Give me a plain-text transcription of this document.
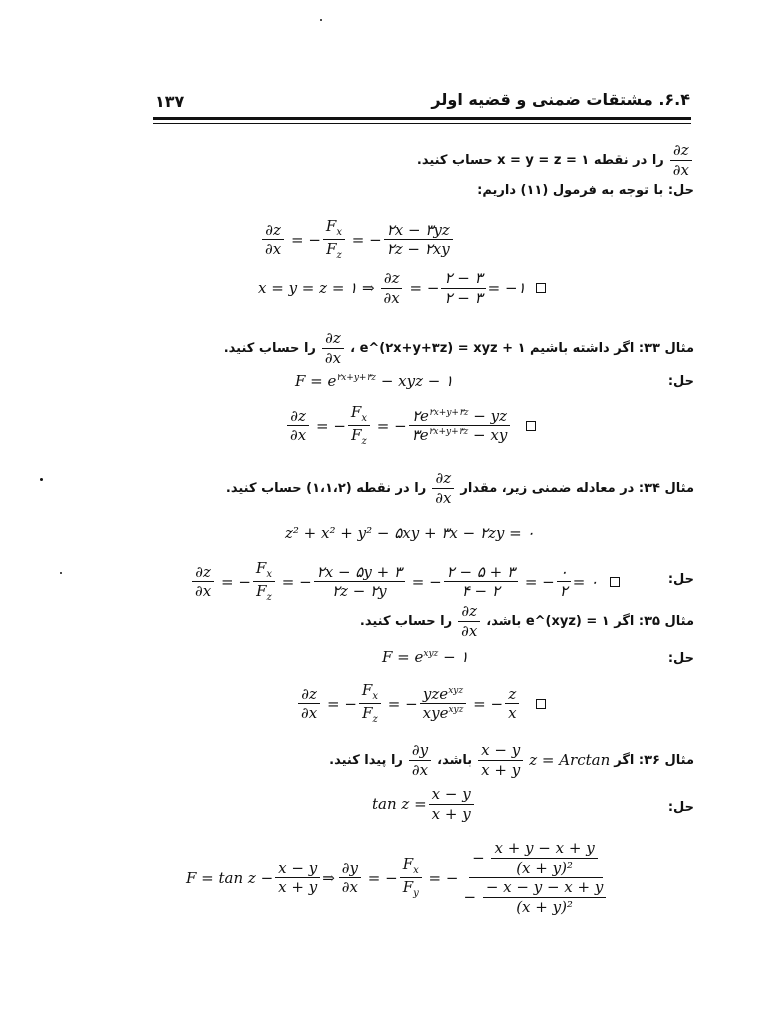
۱۳۷	۶.۴. مشتقات ضمنی و قضیه اولر
$\frac{\partial z}{\partial x}$
را در نقطه ۱ = x = y = z حساب کنید.
حل: با توجه به فرمول (۱۱) داریم:
$\frac{\partial z}{\partial x}$ = − $\frac{F_x}{F_z}$ = − $\frac{۲x - ۳yz}{۲z - ۲xy}$
x = y = z = ۱ ⇒ $\frac{\partial z}{\partial x}$ = − $\frac{۲ - ۳}{۲ - ۳}$ = −۱
مثال ۳۳: اگر داشته باشیم ۱ + e^(۲x+y+۳z) = xyz ،
$\frac{\partial z}{\partial x}$
را حساب کنید.
حل:
$F = e^{۲x+y+۳z}$ − xyz − ۱
$\frac{\partial z}{\partial x}$ = − $\frac{F_x}{F_z}$ = − $\frac{۲e^{۲x+y+۳z} - yz}{۳e^{۲x+y+۳z} - xy}$
مثال ۳۴: در معادله ضمنی زیر، مقدار
$\frac{\partial z}{\partial x}$
را در نقطه (۱،۱،۲) حساب کنید.
z² + x² + y² − ۵xy + ۳x − ۲zy = ۰
حل:
$\frac{\partial z}{\partial x}$ = − $\frac{F_x}{F_z}$ = − $\frac{۲x - ۵y + ۳}{۲z - ۲y}$ = − $\frac{۲ - ۵ + ۳}{۴ - ۲}$ = − $\frac{۰}{۲}$ = ۰
مثال ۳۵: اگر e^(xyz) = ۱ باشد،
$\frac{\partial z}{\partial x}$
را حساب کنید.
حل:
$F = e^{xyz}$ − ۱
$\frac{\partial z}{\partial x}$ = − $\frac{F_x}{F_z}$ = − $\frac{yze^{xyz}}{xye^{xyz}}$ = − $\frac{z}{x}$
مثال ۳۶: اگر
z = Arctan
$\frac{x - y}{x + y}$
باشد،
$\frac{\partial y}{\partial x}$
را پیدا کنید.
حل:
$\tan z = \frac{x - y}{x + y}$
$F = \tan z - \frac{x - y}{x + y}$ ⇒ $\frac{\partial y}{\partial x}$ = − $\frac{F_x}{F_y}$ = − $\frac{- \frac{x + y - x + y}{\text{(x + y)²}}}{- \frac{- x - y - x + y}{\text{(x + y)²}}}$
